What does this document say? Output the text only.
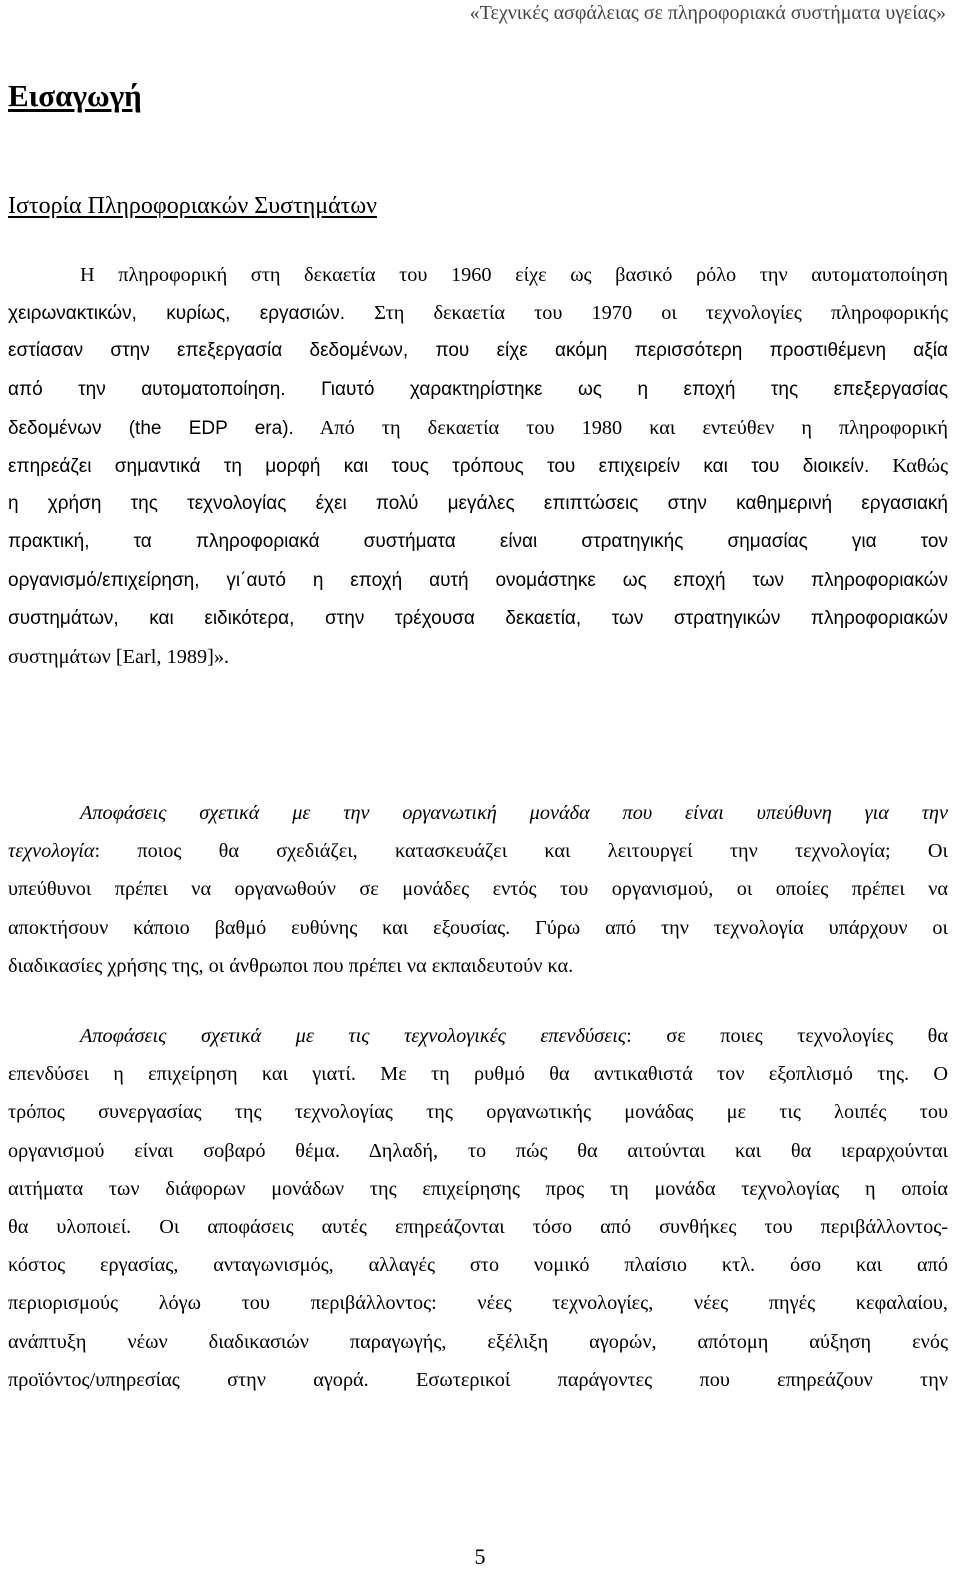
«Τεχνικές ασφάλειας σε πληροφοριακά συστήματα υγείας»
Εισαγωγή
Ιστορία Πληροφοριακών Συστημάτων
Η πληροφορική στη δεκαετία του 1960 είχε ως βασικό ρόλο την αυτοματοποίηση
χειρωνακτικών, κυρίως, εργασιών. Στη δεκαετία του 1970 οι τεχνολογίες πληροφορικής
εστίασαν στην επεξεργασία δεδομένων, που είχε ακόμη περισσότερη προστιθέμενη αξία
από την αυτοματοποίηση. Γιαυτό χαρακτηρίστηκε ως η εποχή της επεξεργασίας
δεδομένων (the EDP era). Από τη δεκαετία του 1980 και εντεύθεν η πληροφορική
επηρεάζει σημαντικά τη μορφή και τους τρόπους του επιχειρείν και του διοικείν. Καθώς
η χρήση της τεχνολογίας έχει πολύ μεγάλες επιπτώσεις στην καθημερινή εργασιακή
πρακτική, τα πληροφοριακά συστήματα είναι στρατηγικής σημασίας για τον
οργανισμό/επιχείρηση, γι΄αυτό η εποχή αυτή ονομάστηκε ως εποχή των πληροφοριακών
συστημάτων, και ειδικότερα, στην τρέχουσα δεκαετία, των στρατηγικών πληροφοριακών
συστημάτων [Earl, 1989]».
Αποφάσεις σχετικά με την οργανωτική μονάδα που είναι υπεύθυνη για την
τεχνολογία: ποιος θα σχεδιάζει, κατασκευάζει και λειτουργεί την τεχνολογία; Οι
υπεύθυνοι πρέπει να οργανωθούν σε μονάδες εντός του οργανισμού, οι οποίες πρέπει να
αποκτήσουν κάποιο βαθμό ευθύνης και εξουσίας. Γύρω από την τεχνολογία υπάρχουν οι
διαδικασίες χρήσης της, οι άνθρωποι που πρέπει να εκπαιδευτούν κα.
Αποφάσεις σχετικά με τις τεχνολογικές επενδύσεις: σε ποιες τεχνολογίες θα
επενδύσει η επιχείρηση και γιατί. Με τη ρυθμό θα αντικαθιστά τον εξοπλισμό της. Ο
τρόπος συνεργασίας της τεχνολογίας της οργανωτικής μονάδας με τις λοιπές του
οργανισμού είναι σοβαρό θέμα. Δηλαδή, το πώς θα αιτούνται και θα ιεραρχούνται
αιτήματα των διάφορων μονάδων της επιχείρησης προς τη μονάδα τεχνολογίας η οποία
θα υλοποιεί. Οι αποφάσεις αυτές επηρεάζονται τόσο από συνθήκες του περιβάλλοντος-
κόστος εργασίας, ανταγωνισμός, αλλαγές στο νομικό πλαίσιο κτλ. όσο και από
περιορισμούς λόγω του περιβάλλοντος: νέες τεχνολογίες, νέες πηγές κεφαλαίου,
ανάπτυξη νέων διαδικασιών παραγωγής, εξέλιξη αγορών, απότομη αύξηση ενός
προϊόντος/υπηρεσίας στην αγορά. Εσωτερικοί παράγοντες που επηρεάζουν την
5
